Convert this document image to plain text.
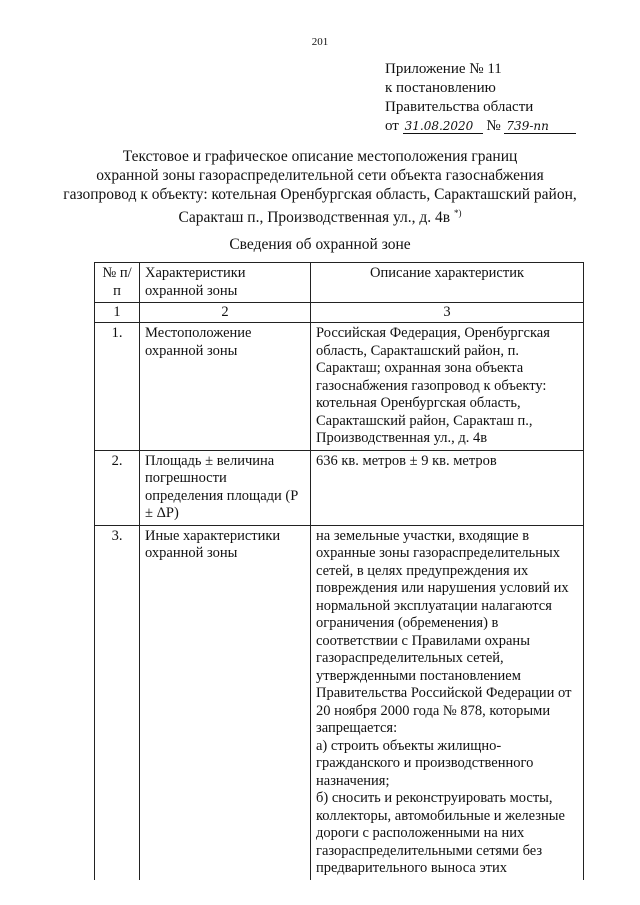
201
Приложение № 11
к постановлению
Правительства области
от 31.08.2020 № 739-пп
Текстовое и графическое описание местоположения границ
охранной зоны газораспределительной сети объекта газоснабжения
газопровод к объекту: котельная Оренбургская область, Саракташский район,
Саракташ п., Производственная ул., д. 4в *)
Сведения об охранной зоне
№ п/п	Характеристики охранной зоны	Описание характеристик
1	2	3
1.	Местоположение охранной зоны	Российская Федерация, Оренбургская область, Саракташский район, п. Саракташ; охранная зона объекта газоснабжения газопровод к объекту: котельная Оренбургская область, Саракташский район, Саракташ п., Производственная ул., д. 4в
2.	Площадь ± величина погрешности определения площади (P ± ΔP)	636 кв. метров ± 9 кв. метров
3.	Иные характеристики охранной зоны	на земельные участки, входящие в охранные зоны газораспределительных сетей, в целях предупреждения их повреждения или нарушения условий их нормальной эксплуатации налагаются ограничения (обременения) в соответствии с Правилами охраны газораспределительных сетей, утвержденными постановлением Правительства Российской Федерации от 20 ноября 2000 года № 878, которыми запрещается:
а) строить объекты жилищно-гражданского и производственного назначения;
б) сносить и реконструировать мосты, коллекторы, автомобильные и железные дороги с расположенными на них газораспределительными сетями без предварительного выноса этих
